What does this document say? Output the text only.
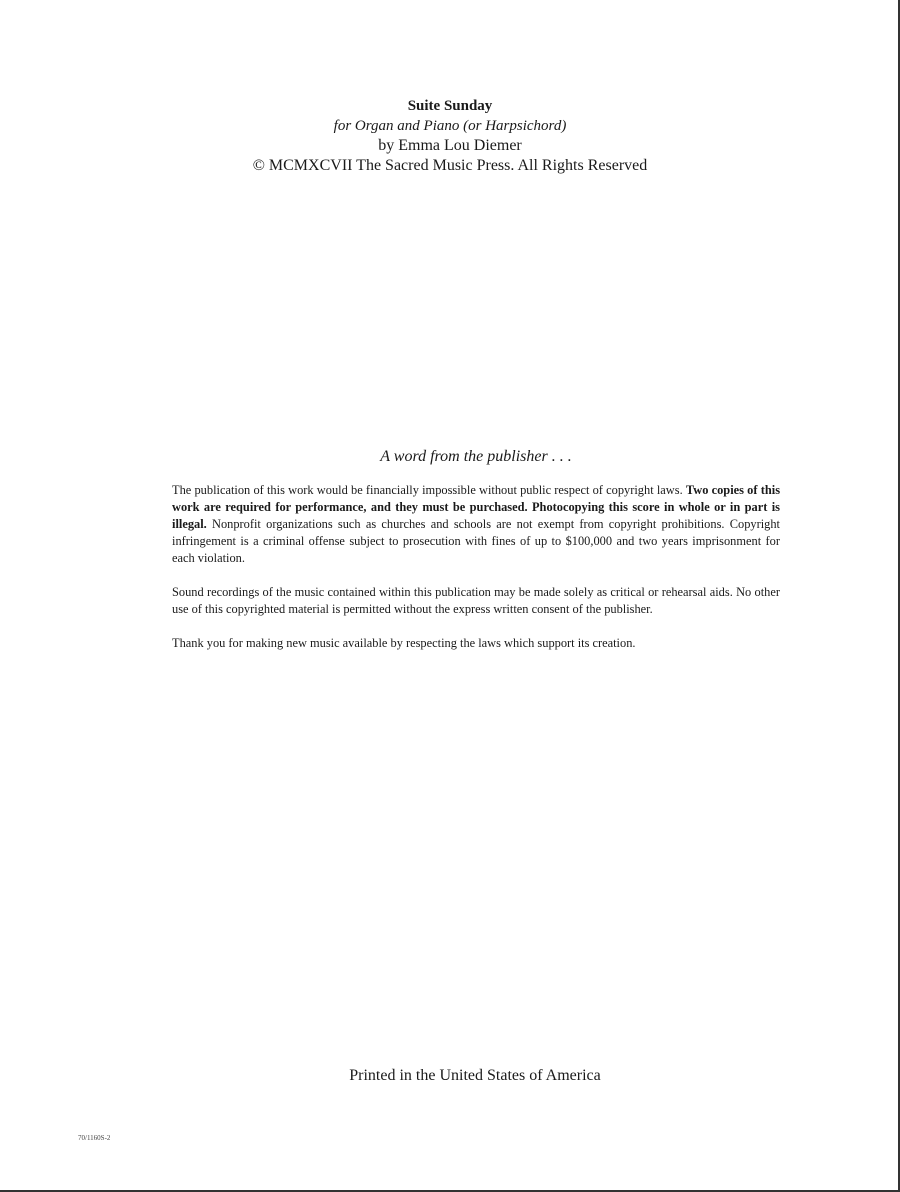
Suite Sunday
for Organ and Piano (or Harpsichord)
by Emma Lou Diemer
© MCMXCVII The Sacred Music Press. All Rights Reserved
A word from the publisher . . .

The publication of this work would be financially impossible without public respect of copyright laws. Two copies of this work are required for performance, and they must be purchased. Photocopying this score in whole or in part is illegal. Nonprofit organizations such as churches and schools are not exempt from copyright prohibitions. Copyright infringement is a criminal offense subject to prosecution with fines of up to $100,000 and two years imprisonment for each violation.

Sound recordings of the music contained within this publication may be made solely as critical or rehearsal aids. No other use of this copyrighted material is permitted without the express written consent of the publisher.

Thank you for making new music available by respecting the laws which support its creation.

Printed in the United States of America
70/1160S-2
